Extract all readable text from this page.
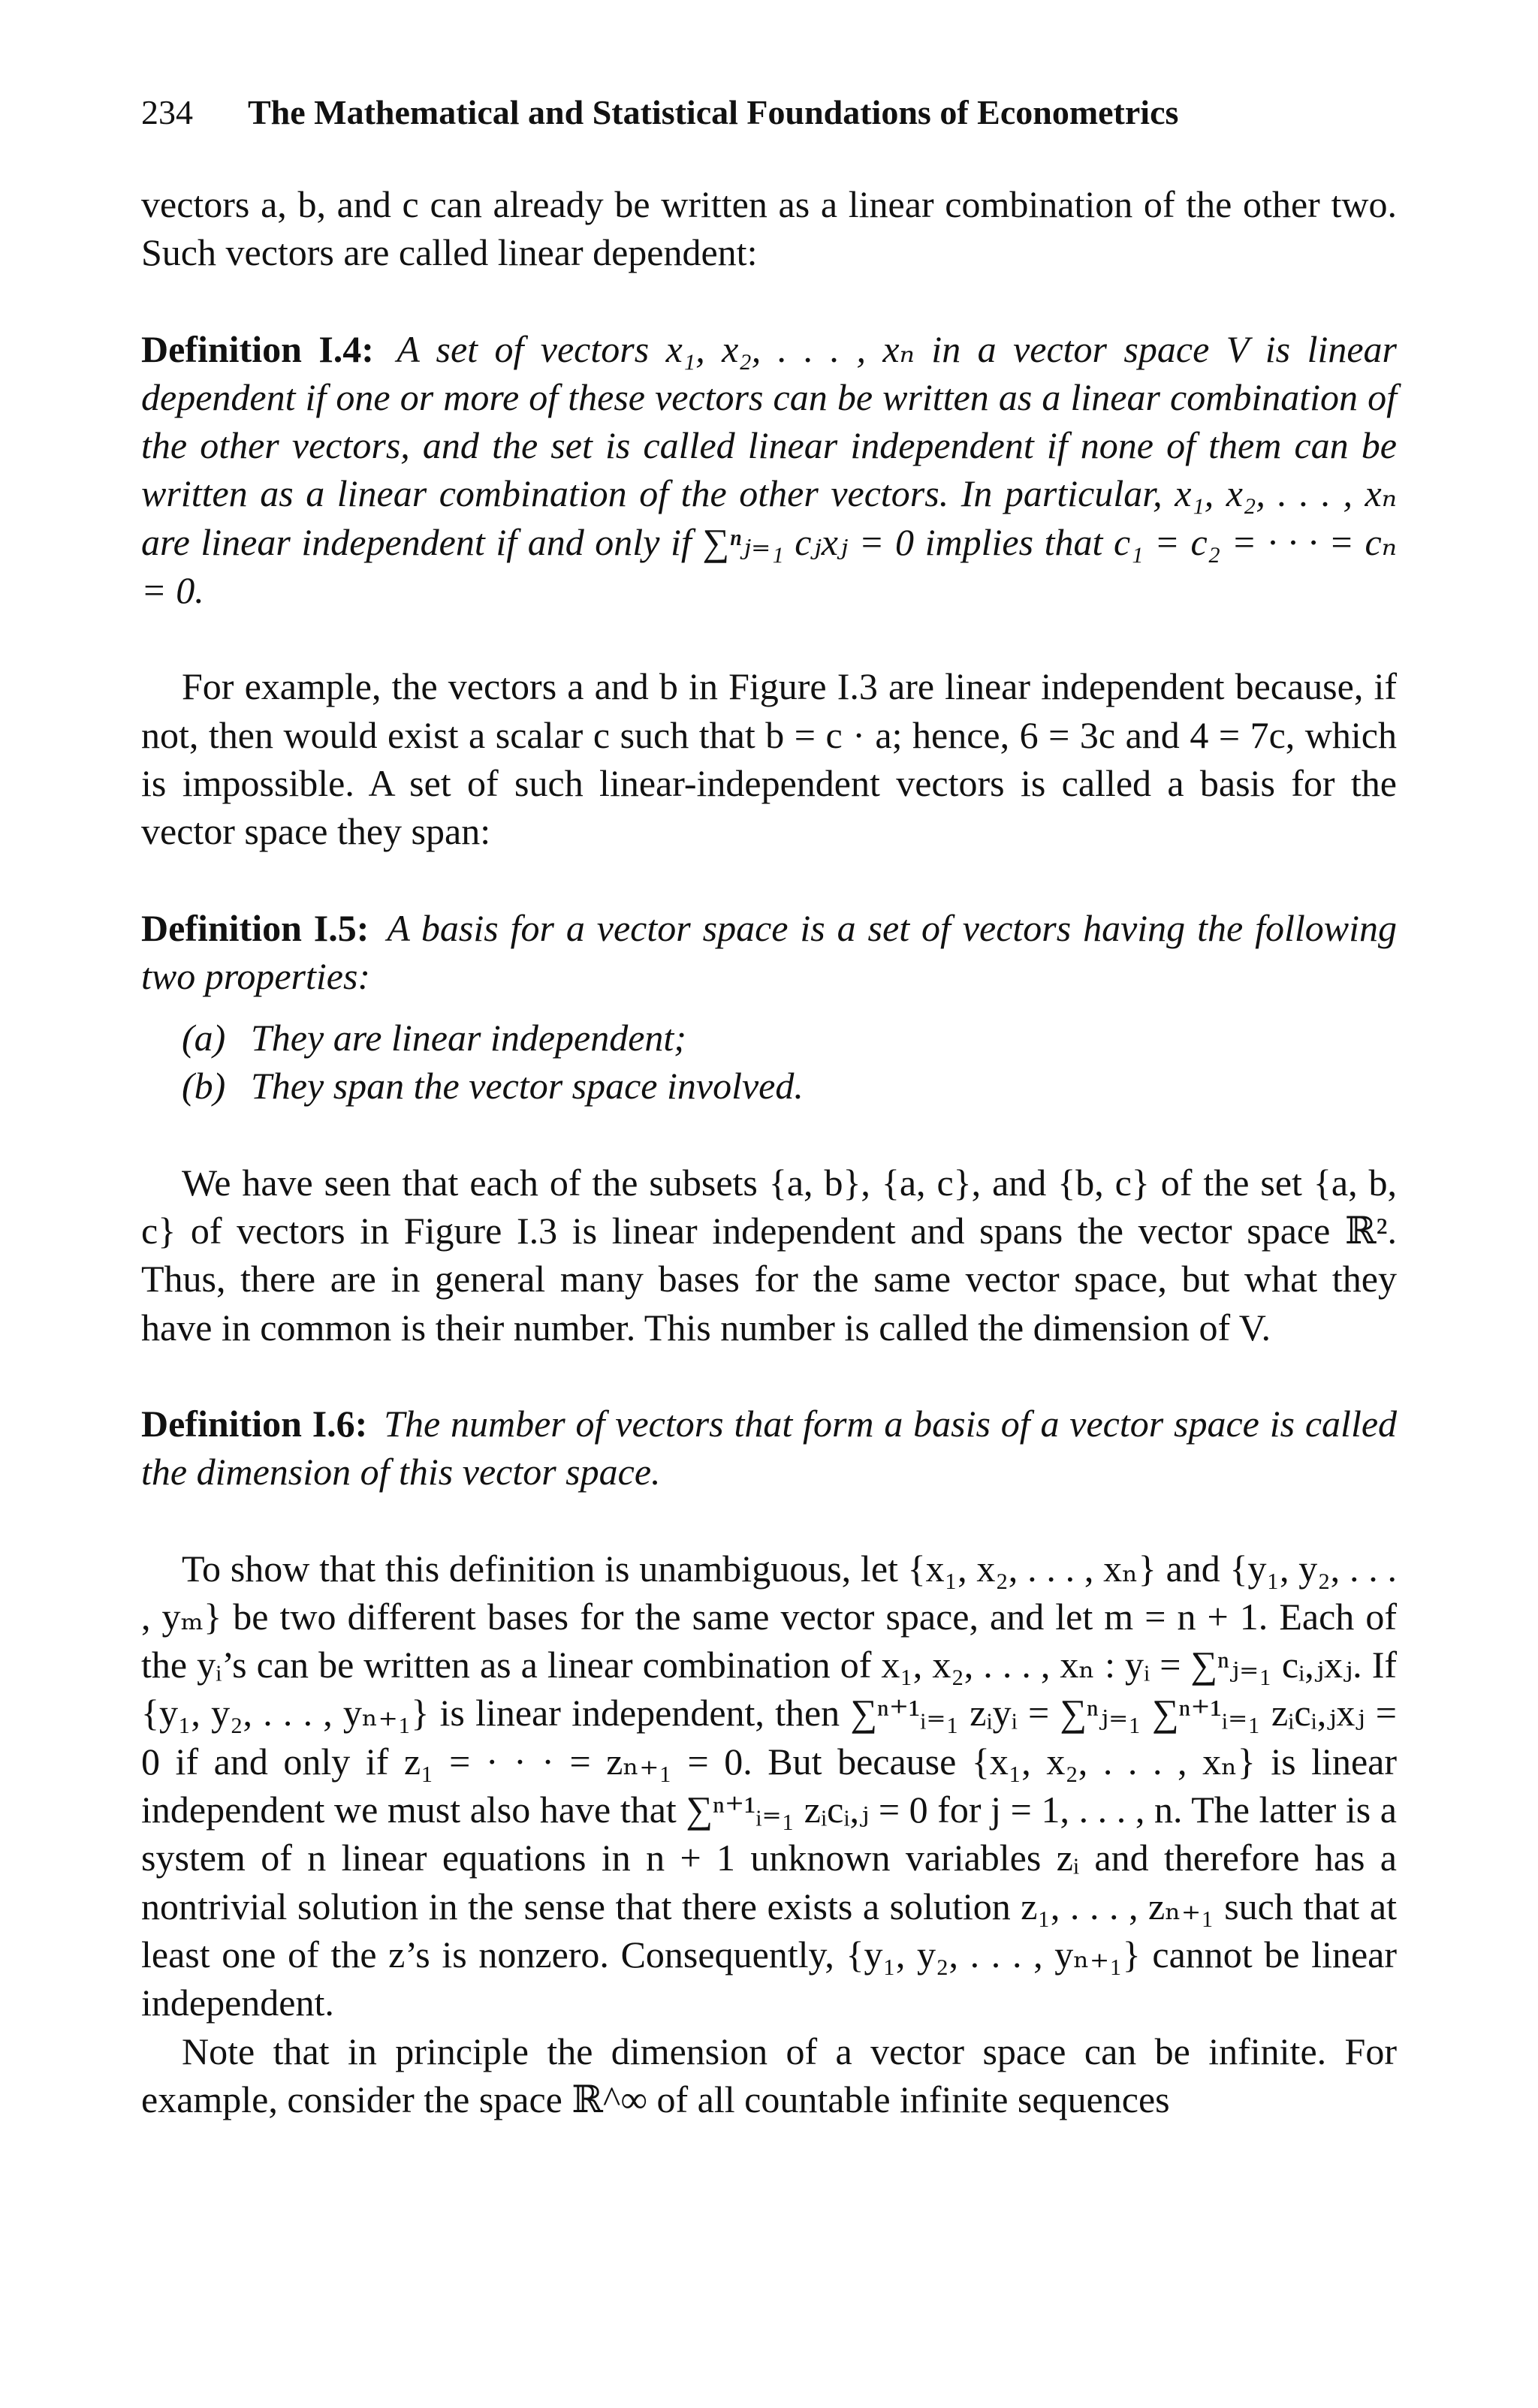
234	The Mathematical and Statistical Foundations of Econometrics

vectors a, b, and c can already be written as a linear combination of the other two. Such vectors are called linear dependent:

Definition I.4: A set of vectors x₁, x₂, . . . , xₙ in a vector space V is linear dependent if one or more of these vectors can be written as a linear combination of the other vectors, and the set is called linear independent if none of them can be written as a linear combination of the other vectors. In particular, x₁, x₂, . . . , xₙ are linear independent if and only if ∑ⁿⱼ₌₁ cⱼxⱼ = 0 implies that c₁ = c₂ = · · · = cₙ = 0.

For example, the vectors a and b in Figure I.3 are linear independent because, if not, then would exist a scalar c such that b = c · a; hence, 6 = 3c and 4 = 7c, which is impossible. A set of such linear-independent vectors is called a basis for the vector space they span:

Definition I.5: A basis for a vector space is a set of vectors having the following two properties:

(a) They are linear independent;
(b) They span the vector space involved.

We have seen that each of the subsets {a, b}, {a, c}, and {b, c} of the set {a, b, c} of vectors in Figure I.3 is linear independent and spans the vector space ℝ². Thus, there are in general many bases for the same vector space, but what they have in common is their number. This number is called the dimension of V.

Definition I.6: The number of vectors that form a basis of a vector space is called the dimension of this vector space.

To show that this definition is unambiguous, let {x₁, x₂, . . . , xₙ} and {y₁, y₂, . . . , yₘ} be two different bases for the same vector space, and let m = n + 1. Each of the yᵢ’s can be written as a linear combination of x₁, x₂, . . . , xₙ : yᵢ = ∑ⁿⱼ₌₁ cᵢ,ⱼxⱼ. If {y₁, y₂, . . . , yₙ₊₁} is linear independent, then ∑ⁿ⁺¹ᵢ₌₁ zᵢyᵢ = ∑ⁿⱼ₌₁ ∑ⁿ⁺¹ᵢ₌₁ zᵢcᵢ,ⱼxⱼ = 0 if and only if z₁ = · · · = zₙ₊₁ = 0. But because {x₁, x₂, . . . , xₙ} is linear independent we must also have that ∑ⁿ⁺¹ᵢ₌₁ zᵢcᵢ,ⱼ = 0 for j = 1, . . . , n. The latter is a system of n linear equations in n + 1 unknown variables zᵢ and therefore has a nontrivial solution in the sense that there exists a solution z₁, . . . , zₙ₊₁ such that at least one of the z’s is nonzero. Consequently, {y₁, y₂, . . . , yₙ₊₁} cannot be linear independent.

Note that in principle the dimension of a vector space can be infinite. For example, consider the space ℝ^∞ of all countable infinite sequences
